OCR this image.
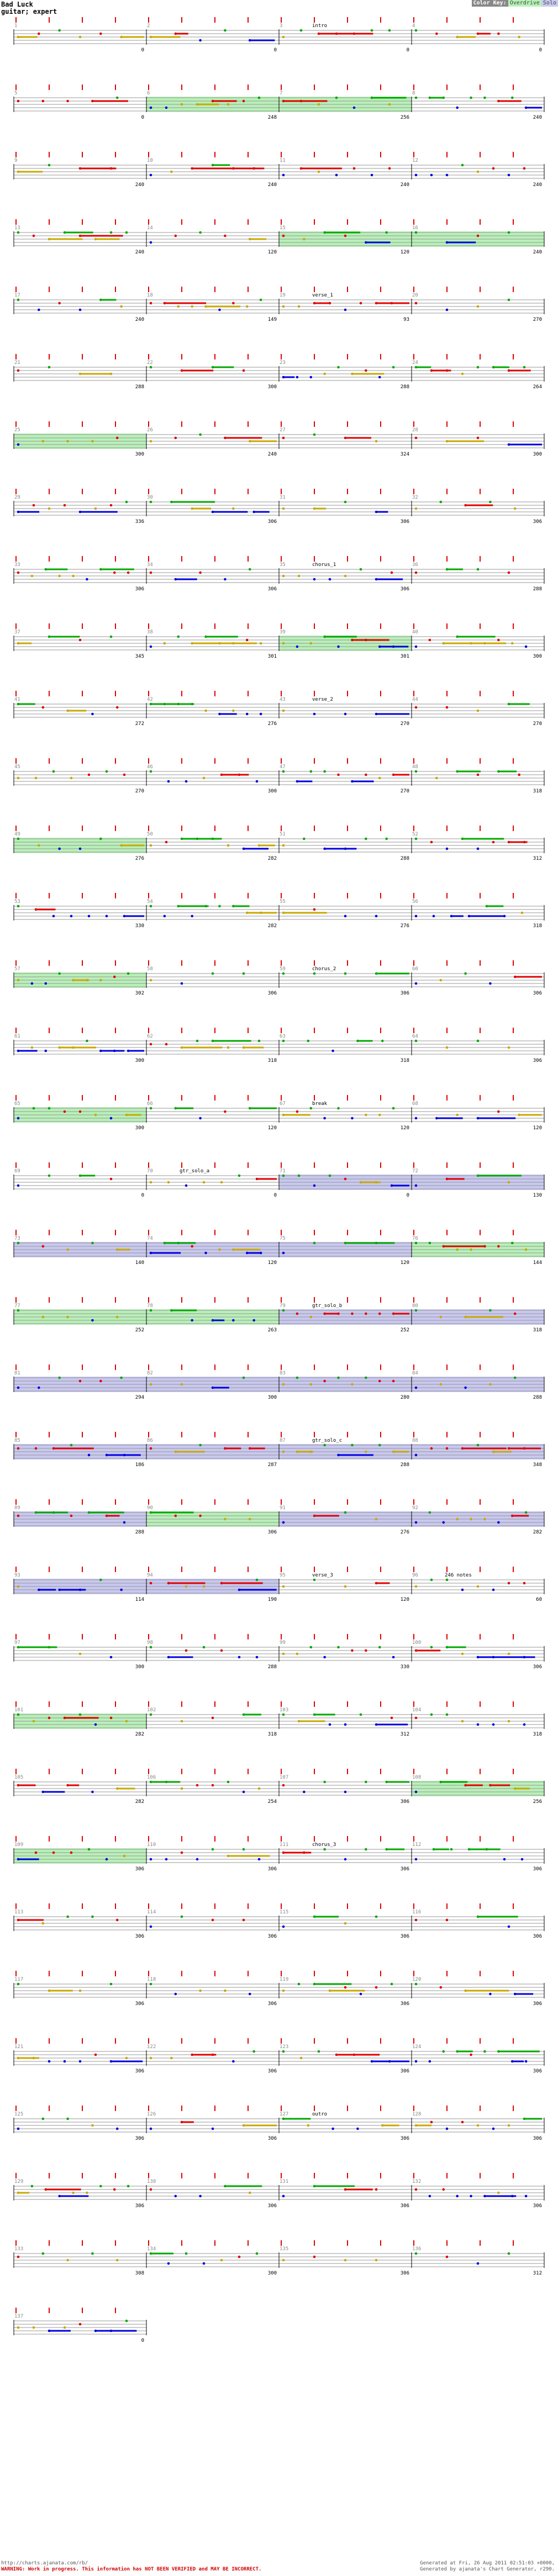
Bad Luck
guitar; expert
Color Key: Overdrive Solo
1
0
2
0
3	intro
0
4
0
5
0
6
248
7
256
8
240
9
240
10
240
11
240
12
240
13
240
14
120
15
120
16
240
17
240
18
149
19	verse_1
93
20
270
21
288
22
300
23
288
24
264
25
300
26
240
27
324
28
300
29
336
30
306
31
306
32
306
33
306
34
306
35	chorus_1
306
36
288
37
345
38
301
39
301
40
300
41
272
42
276
43	verse_2
270
44
270
45
270
46
300
47
270
48
318
49
276
50
282
51
288
52
312
53
330
54
282
55
276
56
318
57
302
58
306
59	chorus_2
306
60
306
61
300
62
318
63
318
64
306
65
300
66
120
67	break
120
68
120
69
0
70	gtr_solo_a
0
71
0
72
130
73
140
74
120
75
120
76
144
77
252
78
263
79	gtr_solo_b
252
80
318
81
294
82
300
83
280
84
288
85
186
86
287
87	gtr_solo_c
288
88
348
89
288
90
306
91
276
92
282
93
114
94
190
95	verse_3
120
96	246 notes
60
97
300
98
288
99
330
100
306
101
282
102
318
103
312
104
318
105
282
106
254
107
306
108
256
109
306
110
306
111	chorus_3
306
112
306
113
306
114
306
115
306
116
306
117
306
118
306
119
306
120
306
121
306
122
306
123
306
124
306
125
306
126
306
127	outro
306
128
306
129
306
130
306
131
306
132
306
133
308
134
300
135
306
136
312
137
0
http://charts.ajanata.com/rb/	Generated at Fri, 26 Aug 2011 02:51:03 +0000,
Generated by ajanata's Chart Generator, r290.
WARNING: Work in progress. This information has NOT BEEN VERIFIED and MAY BE INCORRECT.
